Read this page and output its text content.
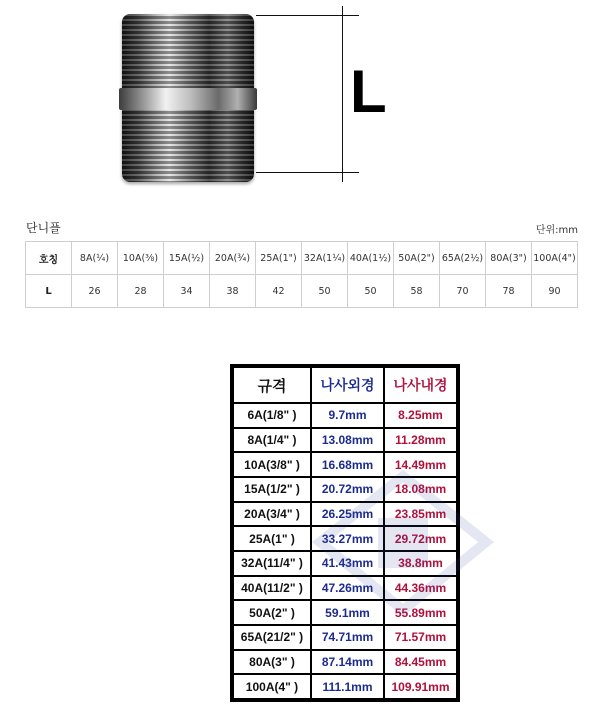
L
단니플	단위:mm
호칭	8A(¼)	10A(⅜)	15A(½)	20A(¾)	25A(1")	32A(1¼)	40A(1½)	50A(2")	65A(2½)	80A(3")	100A(4")
L	26	28	34	38	42	50	50	58	70	78	90
규격	나사외경	나사내경
6A(1/8" )	9.7mm	8.25mm
8A(1/4" )	13.08mm	11.28mm
10A(3/8" )	16.68mm	14.49mm
15A(1/2" )	20.72mm	18.08mm
20A(3/4" )	26.25mm	23.85mm
25A(1" )	33.27mm	29.72mm
32A(11/4" )	41.43mm	38.8mm
40A(11/2" )	47.26mm	44.36mm
50A(2" )	59.1mm	55.89mm
65A(21/2" )	74.71mm	71.57mm
80A(3" )	87.14mm	84.45mm
100A(4" )	111.1mm	109.91mm
